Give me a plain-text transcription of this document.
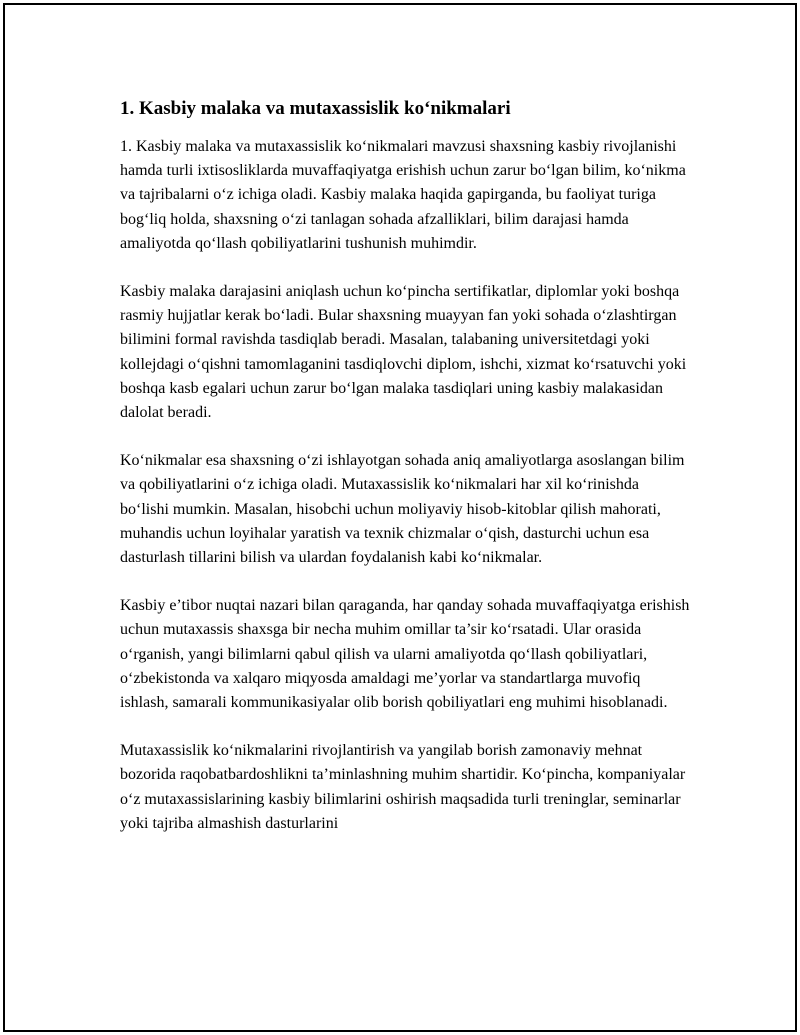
1. Kasbiy malaka va mutaxassislik ko‘nikmalari

1. Kasbiy malaka va mutaxassislik ko‘nikmalari mavzusi shaxsning kasbiy rivojlanishi hamda turli ixtisosliklarda muvaffaqiyatga erishish uchun zarur bo‘lgan bilim, ko‘nikma va tajribalarni o‘z ichiga oladi. Kasbiy malaka haqida gapirganda, bu faoliyat turiga bog‘liq holda, shaxsning o‘zi tanlagan sohada afzalliklari, bilim darajasi hamda amaliyotda qo‘llash qobiliyatlarini tushunish muhimdir.

Kasbiy malaka darajasini aniqlash uchun ko‘pincha sertifikatlar, diplomlar yoki boshqa rasmiy hujjatlar kerak bo‘ladi. Bular shaxsning muayyan fan yoki sohada o‘zlashtirgan bilimini formal ravishda tasdiqlab beradi. Masalan, talabaning universitetdagi yoki kollejdagi o‘qishni tamomlaganini tasdiqlovchi diplom, ishchi, xizmat ko‘rsatuvchi yoki boshqa kasb egalari uchun zarur bo‘lgan malaka tasdiqlari uning kasbiy malakasidan dalolat beradi.

Ko‘nikmalar esa shaxsning o‘zi ishlayotgan sohada aniq amaliyotlarga asoslangan bilim va qobiliyatlarini o‘z ichiga oladi. Mutaxassislik ko‘nikmalari har xil ko‘rinishda bo‘lishi mumkin. Masalan, hisobchi uchun moliyaviy hisob-kitoblar qilish mahorati, muhandis uchun loyihalar yaratish va texnik chizmalar o‘qish, dasturchi uchun esa dasturlash tillarini bilish va ulardan foydalanish kabi ko‘nikmalar.

Kasbiy e’tibor nuqtai nazari bilan qaraganda, har qanday sohada muvaffaqiyatga erishish uchun mutaxassis shaxsga bir necha muhim omillar ta’sir ko‘rsatadi. Ular orasida o‘rganish, yangi bilimlarni qabul qilish va ularni amaliyotda qo‘llash qobiliyatlari, o‘zbekistonda va xalqaro miqyosda amaldagi me’yorlar va standartlarga muvofiq ishlash, samarali kommunikasiyalar olib borish qobiliyatlari eng muhimi hisoblanadi.

Mutaxassislik ko‘nikmalarini rivojlantirish va yangilab borish zamonaviy mehnat bozorida raqobatbardoshlikni ta’minlashning muhim shartidir. Ko‘pincha, kompaniyalar o‘z mutaxassislarining kasbiy bilimlarini oshirish maqsadida turli treninglar, seminarlar yoki tajriba almashish dasturlarini
